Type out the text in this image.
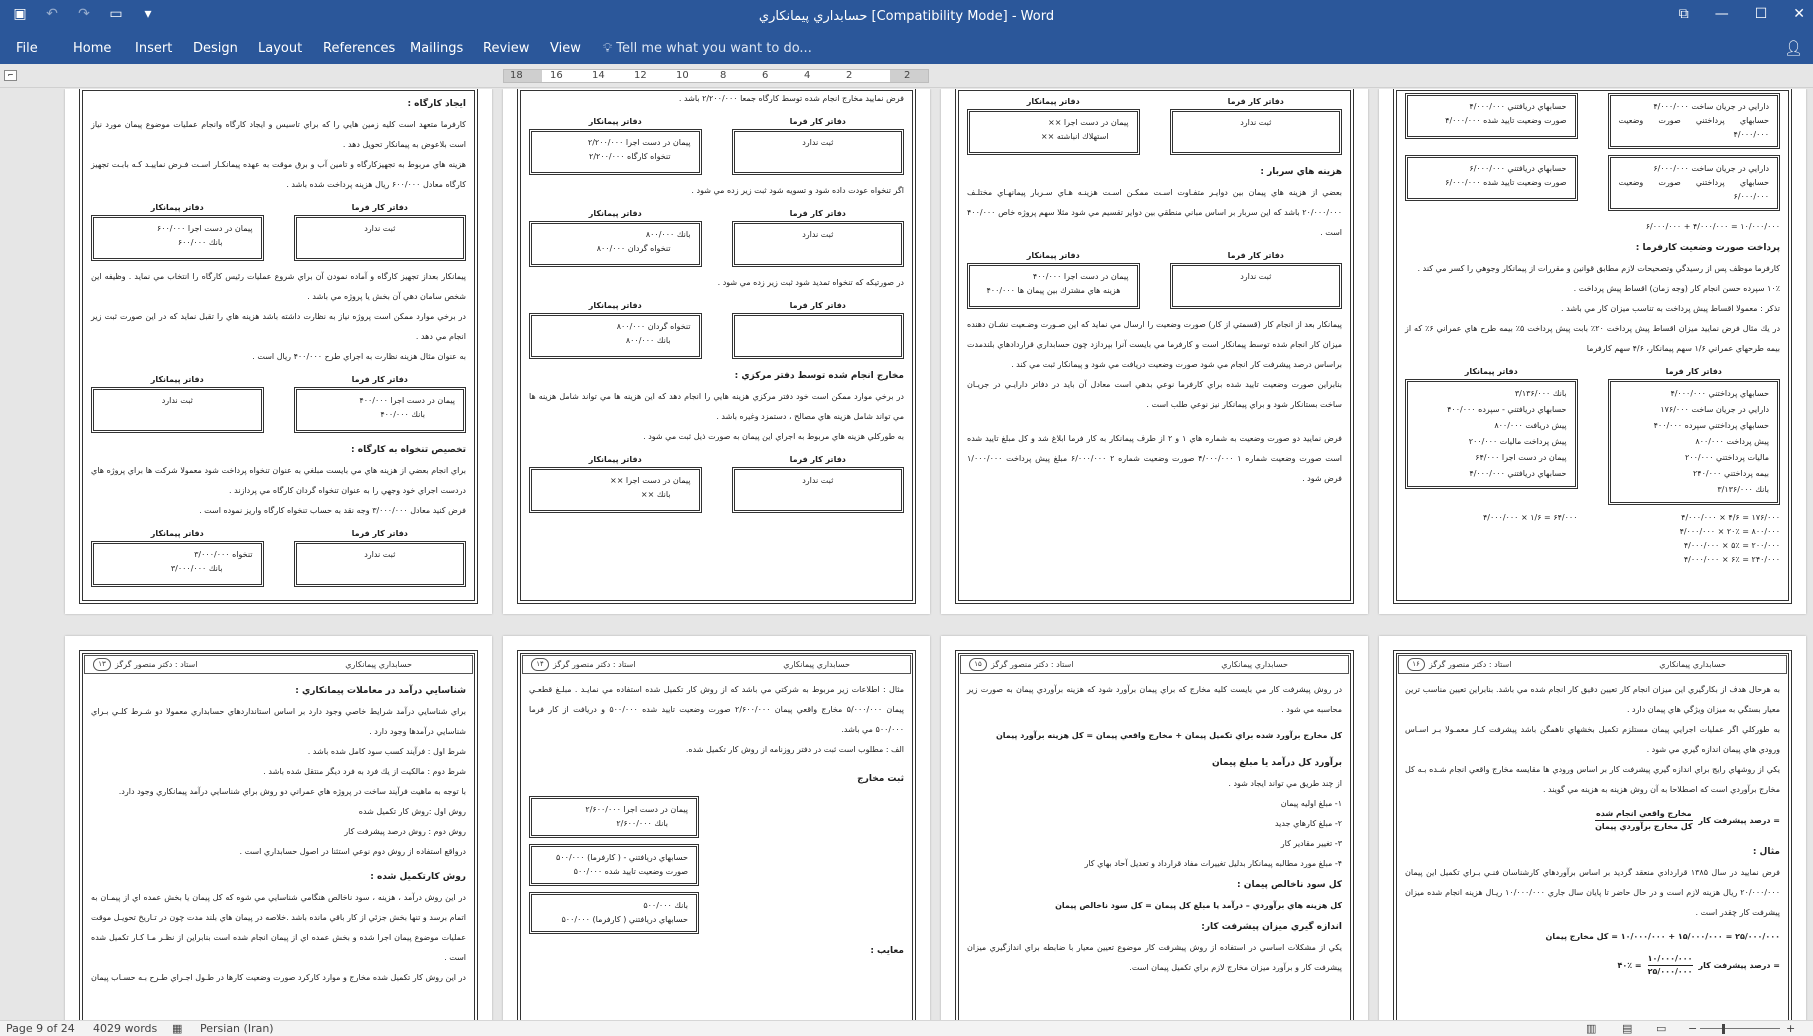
▣ ↶ ↷ ▭	▾	حسابداري پيمانكاري [Compatibility Mode] - Word	⧉ — ☐ ✕
File	Home Insert Design Layout References Mailings Review View 💡︎ Tell me what you want to do...	👤︎
⌐	18	16	14	12	10	8	6	4	2	2
ايجاد كارگاه :

كارفرما متعهد است كليه زمين هايي را كه براي تاسيس و ايجاد كارگاه وانجام عمليات موضوع پيمان مورد نياز است بلاعوض به پيمانكار تحويل دهد .

هزينه هاي مربوط به تجهيزكارگاه و تامين آب و برق موقت به عهده پيمانكـار اسـت فـرض نماييـد كـه بابـت تجهيز كارگاه معادل ۶۰۰/۰۰۰ ريال هزينه پرداخت شده باشد .

دفاتر كار فرما
ثبت ندارد
دفاتر پيمانكار
پيمان در دست اجرا ۶۰۰/۰۰۰
بانك ۶۰۰/۰۰۰

پيمانكار بعداز تجهيز كارگاه و آماده نمودن آن براي شروع عمليات رئيس كارگاه را انتخاب مي نمايد . وظيفه اين شخص سامان دهي آن بخش يا پروژه مي باشد .

در برخي موارد ممكن است پروژه نياز به نظارت داشته باشد هزينه هاي را تقبل نمايد كه در اين صورت ثبت زير انجام مي دهد .

به عنوان مثال هزينه نظارت به اجراي طرح ۴۰۰/۰۰۰ ريال است .

دفاتر كار فرما
پيمان در دست اجرا ۴۰۰/۰۰۰
بانك ۴۰۰/۰۰۰
دفاتر پيمانكار
ثبت ندارد
تخصيص تنخواه به كارگاه :

براي انجام بعضي از هزينه هاي مي بايست مبلغي به عنوان تنخواه پرداخت شود معمولا شركت ها براي پروژه هاي دردست اجراي خود وجهي را به عنوان تنخواه گردان كارگاه مي پردازند .

فرض كنيد معادل ۳/۰۰۰/۰۰۰ وجه نقد به حساب تنخواه كارگاه واريز نموده است .

دفاتر كار فرما
ثبت ندارد
دفاتر پيمانكار
تنخواه ۳/۰۰۰/۰۰۰
بانك ۳/۰۰۰/۰۰۰

فرض نماييد مخارج انجام شده توسط كارگاه جمعا ۲/۲۰۰/۰۰۰ باشد .

دفاتر كار فرما
ثبت ندارد
دفاتر پيمانكار
پيمان در دست اجرا ۲/۲۰۰/۰۰۰
تنخواه كارگاه ۲/۲۰۰/۰۰۰

اگر تنخواه عودت داده شود و تسويه شود ثبت زير زده مي شود .

دفاتر كار فرما
ثبت ندارد
دفاتر پيمانكار
بانك ۸۰۰/۰۰۰
تنخواه گردان ۸۰۰/۰۰۰

در صورتيكه كه تنخواه تمديد شود ثبت زير زده مي شود .

دفاتر كار فرما
دفاتر پيمانكار
تنخواه گردان ۸۰۰/۰۰۰
بانك ۸۰۰/۰۰۰
مخارج انجام شده توسط دفتر مركزي :

در برخي موارد ممكن است خود دفتر مركزي هزينه هايي را انجام دهد كه اين هزينه ها مي تواند شامل هزينه ها مي تواند شامل هزينه هاي مصالح ، دستمزد وغيره باشد .

به طوركلي هزينه هاي مربوط به اجراي اين پيمان به صورت ذيل ثبت مي شود .

دفاتر كار فرما
ثبت ندارد
دفاتر پيمانكار
پيمان در دست اجرا ××
بانك ××
دفاتر كار فرما
ثبت ندارد
دفاتر پيمانكار
پيمان در دست اجرا ××
استهلاك انباشته ××
هزينه هاي سربار :

بعضي از هزينه هاي پيمان بين دوايـر متفـاوت اسـت ممكـن اسـت هزينـه هـاي سـربار پيمانهـاي مختلـف ۲۰/۰۰۰/۰۰۰ باشد كه اين سربار بر اساس مباني منطقي بين دواير تقسيم مي شود مثلا سهم پروژه خاص ۴۰۰/۰۰۰ است .

دفاتر كار فرما
ثبت ندارد
دفاتر پيمانكار
پيمان در دست اجرا ۴۰۰/۰۰۰
هزينه هاي مشترك بين پيمان ها ۴۰۰/۰۰۰

پيمانكار بعد از انجام كار (قسمتي از كار) صورت وضعيت را ارسال مي نمايد كه اين صـورت وضـعيت نشـان دهنده ميزان كار انجام شده توسط پيمانكار است و كارفرما مي بايست آنرا بپردازد چون حسابداري قراردادهاي بلندمدت براساس درصد پيشرفت كار انجام مي شود صورت وضعيت دريافت مي شود و پيمانكار ثبت مي كند .

بنابراين صورت وضعيت تاييد شده براي كارفرما نوعي بدهي است معادل آن بايد در دفاتر دارايـي در جريـان ساخت بستانكار شود و براي پيمانكار نيز نوعي طلب است .

فرض نماييد دو صورت وضعيت به شماره هاي ۱ و ۲ از طرف پيمانكار به كار فرما ابلاغ شد و كل مبلغ تاييد شده است صورت وضعيت شماره ۱ ۴/۰۰۰/۰۰۰ صورت وضعيت شماره ۲ ۶/۰۰۰/۰۰۰ مبلغ پيش پرداخت ۱/۰۰۰/۰۰۰ فرض شود .

دارايي در جريان ساخت ۴/۰۰۰/۰۰۰
حسابهاي پرداختني صورت وضعيت ۴/۰۰۰/۰۰۰
حسابهاي دريافتني ۴/۰۰۰/۰۰۰
صورت وضعيت تاييد شده ۴/۰۰۰/۰۰۰
دارايي در جريان ساخت ۶/۰۰۰/۰۰۰
حسابهاي پرداختني صورت وضعيت ۶/۰۰۰/۰۰۰
حسابهاي دريافتني ۶/۰۰۰/۰۰۰
صورت وضعيت تاييد شده ۶/۰۰۰/۰۰۰

۱۰/۰۰۰/۰۰۰ = ۴/۰۰۰/۰۰۰ + ۶/۰۰۰/۰۰۰

پرداخت صورت وضعيت كارفرما :

كارفرما موظف پس از رسيدگي وتصحيحات لازم مطابق قوانين و مقررات از پيمانكار وجوهي را كسر مي كند .

۱۰٪ سپرده حسن انجام كار (وجه زمان) اقساط پيش پرداخت .

تذكر : معمولا اقساط پيش پرداخت به تناسب ميزان كار مي باشد .

در يك مثال فرض نماييد ميزان اقساط پيش پرداخت ۲۰٪ بابت پيش پرداخت ۵٪ بيمه طرح هاي عمراني ۶٪ كه از بيمه طرحهاي عمراني ۱/۶ سهم پيمانكار، ۴/۶ سهم كارفرما

دفاتر كار فرما
حسابهاي پرداختني ۴/۰۰۰/۰۰۰
دارايي در جريان ساخت ۱۷۶/۰۰۰
حسابهاي پرداختني سپرده ۴۰۰/۰۰۰
پيش پرداخت ۸۰۰/۰۰۰
ماليات پرداختني ۲۰۰/۰۰۰
بيمه پرداختني ۲۴۰/۰۰۰
بانك ۳/۱۳۶/۰۰۰
دفاتر پيمانكار
بانك ۳/۱۳۶/۰۰۰
حسابهاي دريافتني - سپرده ۴۰۰/۰۰۰
پيش دريافت ۸۰۰/۰۰۰
پيش پرداخت ماليات ۲۰۰/۰۰۰
پيمان در دست اجرا ۶۴/۰۰۰
حسابهاي دريافتني ۴/۰۰۰/۰۰۰
۱۷۶/۰۰۰ = ۴/۶ × ۴/۰۰۰/۰۰۰
۸۰۰/۰۰۰ = ۲۰٪ × ۴/۰۰۰/۰۰۰
۲۰۰/۰۰۰ = ۵٪ × ۴/۰۰۰/۰۰۰
۲۴۰/۰۰۰ = ۶٪ × ۴/۰۰۰/۰۰۰
۶۴/۰۰۰ = ۱/۶ × ۴/۰۰۰/۰۰۰
حسابداري پيمانكاري
استاد : دكتر منصور گرگز
۱۳
شناسايي درآمد در معاملات پيمانكاري :

براي شناسايي درآمد شرايط خاصي وجود دارد بر اساس استانداردهاي حسابداري معمولا دو شـرط كلـي بـراي شناسايي درآمدها وجود دارد .

شرط اول : فرآيند كسب سود كامل شده باشد .

شرط دوم : مالكيت از يك فرد به فرد ديگر منتقل شده باشد .

با توجه به ماهيت فرآيند ساخت در پروژه هاي عمراني دو روش براي شناسايي درآمد پيمانكاري وجود دارد.

روش اول :روش كار تكميل شده

روش دوم : روش درصد پيشرفت كار

درواقع استفاده از روش دوم نوعي استثنا در اصول حسابداري است .

روش كارتكميل شده :

در اين روش درآمد ، هزينه ، سود ناخالص هنگامي شناسايي مي شوه كه كل پيمان يا بخش عمده اي از پيمـان به اتمام برسد و تنها بخش جزئي از كار باقي مانده باشد .خلاصه در پيمان هاي بلند مدت چون در تـاريخ تحويـل موقت عمليات موضوع پيمان اجرا شده و بخش عمده اي از پيمان انجام شده است بنابراين از نظـر مـا كـار تكميل شده است .

در اين روش كار تكميل شده مخارج و موارد كاركرد صورت وضعيت كارها در طـول اجـراي طـرح بـه حسـاب پيمان

حسابداري پيمانكاري
استاد : دكتر منصور گرگز
۱۴

مثال : اطلاعات زير مربوط به شركتي مي باشد كه از روش كار تكميل شده استفاده مي نمايـد . مبلـغ قطعـي پيمان ۵/۰۰۰/۰۰۰ مخارج واقعي پيمان ۲/۶۰۰/۰۰۰ صورت وضعيت تاييد شده ۵۰۰/۰۰۰ و دريافت از كار فرما ۵۰۰/۰۰۰ مي باشد.

الف : مطلوب است ثبت در دفتر روزنامه از روش كار تكميل شده.

ثبت مخارج
پيمان در دست اجرا ۲/۶۰۰/۰۰۰
بانك ۲/۶۰۰/۰۰۰
حسابهاي دريافتني - ( كارفرما) ۵۰۰/۰۰۰
صورت وضعيت تاييد شده ۵۰۰/۰۰۰
بانك ۵۰۰/۰۰۰
حسابهاي دريافتني ( كارفرما) ۵۰۰/۰۰۰
معايب :
حسابداري پيمانكاري
استاد : دكتر منصور گرگز
۱۵

در روش پيشرفت كار مي بايست كليه مخارج كه براي پيمان برآورد شود كه هزينه برآوردي پيمان به صورت زير محاسبه مي شود .

كل مخارج برآورد شده براي تكميل پيمان + مخارج واقعي پيمان = كل هزينه برآورد پيمان

برآورد كل درآمد يا مبلغ پيمان

از چند طريق مي تواند ايجاد شود .

۱- مبلغ اوليه پيمان

۲- مبلغ كارهاي جديد

۳- تغيير مقادير كار

۴- مبلغ مورد مطالبه پيمانكار بدليل تغييرات مفاد قرارداد و تعديل آحاد بهاي كار

كل سود ناخالص پيمان :

كل هزينه هاي برآوردي – درآمد يا مبلغ كل پيمان = كل سود ناخالص پيمان

اندازه گيري ميزان پيشرفت كار:

يكي از مشكلات اساسي در استفاده از روش پيشرفت كار موضوع تعيين معيار با ضابطه براي اندازگيري ميزان پيشرفت كار و برآورد ميزان مخارج لازم براي تكميل پيمان است.

حسابداري پيمانكاري
استاد : دكتر منصور گرگز
۱۶

به هرحال هدف از بكارگيري اين ميزان انجام كار تعيين دقيق كار انجام شده مي باشد. بنابراين تعيين مناسب ترين معيار بستگي به ميزان ويژگي هاي پيمان دارد .

به طوركلي اگر عمليات اجرايي پيمان مستلزم تكميل بخشهاي ناهمگن باشد پيشرفت كـار معمـولا بـر اسـاس ورودي هاي پيمان اندازه گيري مي شود .

يكي از روشهاي رايج براي اندازه گيري پيشرفت كار بر اساس ورودي ها مقايسه مخارج واقعي انجام شـده بـه كل مخارج برآوردي است كه اصطلاحا به آن روش هزينه به هزينه مي گويند .

= درصد پيشرفت كار
مخارج واقعي انجام شده
كل مخارج برآوردي پيمان
مثال :

فرض نماييد در سال ۱۳۸۵ قراردادي منعقد گرديد بر اساس برآوردهاي كارشناسان فنـي بـراي تكميل اين پيمان ۲۰/۰۰۰/۰۰۰ ريال هزينه لازم است و در حال حاضر تا پايان سال جاري ۱۰/۰۰۰/۰۰۰ ريـال هزينه انجام شده ميزان پيشرفت كار چقدر است .

۲۵/۰۰۰/۰۰۰ = ۱۵/۰۰۰/۰۰۰ + ۱۰/۰۰۰/۰۰۰ = كل مخارج پيمان

= درصد پيشرفت كار
۱۰/۰۰۰/۰۰۰
۲۵/۰۰۰/۰۰۰
= ۴۰٪
Page 9 of 24 4029 words ▦ Persian (Iran)	▥ ▤ ▭ −	+
